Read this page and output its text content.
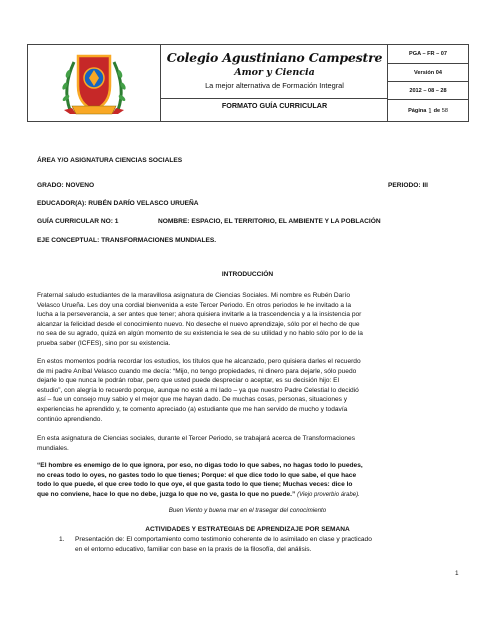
Colegio Agustiniano Campestre
Amor y Ciencia
La mejor alternativa de Formación Integral
FORMATO GUÍA CURRICULAR
PGA – FR – 07
Versión 04
2012 – 08 – 28
Página
1
de
58
ÁREA Y/O ASIGNATURA CIENCIAS SOCIALES
GRADO: NOVENO	PERIODO: III
EDUCADOR(A): RUBÉN DARÍO VELASCO URUEÑA
GUÍA CURRICULAR NO: 1	NOMBRE: ESPACIO, EL TERRITORIO, EL AMBIENTE Y LA POBLACIÓN
EJE CONCEPTUAL: TRANSFORMACIONES MUNDIALES.
INTRODUCCIÓN
Fraternal saludo estudiantes de la maravillosa asignatura de Ciencias Sociales. Mi nombre es Rubén Darío
Velasco Urueña. Les doy una cordial bienvenida a este Tercer Periodo. En otros periodos le he invitado a la
lucha a la perseverancia, a ser antes que tener; ahora quisiera invitarle a la trascendencia y a la insistencia por
alcanzar la felicidad desde el conocimiento nuevo. No deseche el nuevo aprendizaje, sólo por el hecho de que
no sea de su agrado, quizá en algún momento de su existencia le sea de su utilidad y no hablo sólo por lo de la
prueba saber (ICFES), sino por su existencia.
En estos momentos podría recordar los estudios, los títulos que he alcanzado, pero quisiera darles el recuerdo
de mi padre Aníbal Velasco cuando me decía: “Mijo, no tengo propiedades, ni dinero para dejarle, sólo puedo
dejarle lo que nunca le podrán robar, pero que usted puede despreciar o aceptar, es su decisión hijo: El
estudio”, con alegría lo recuerdo porque, aunque no esté a mi lado – ya que nuestro Padre Celestial lo decidió
así – fue un consejo muy sabio y el mejor que me hayan dado. De muchas cosas, personas, situaciones y
experiencias he aprendido y, te comento apreciado (a) estudiante que me han servido de mucho y todavía
continúo aprendiendo.
En esta asignatura de Ciencias sociales, durante el Tercer Periodo, se trabajará acerca de Transformaciones
mundiales.
“El hombre es enemigo de lo que ignora, por eso, no digas todo lo que sabes, no hagas todo lo puedes,
no creas todo lo oyes, no gastes todo lo que tienes; Porque: el que dice todo lo que sabe, el que hace
todo lo que puede, el que cree todo lo que oye, el que gasta todo lo que tiene; Muchas veces: dice lo
que no conviene, hace lo que no debe, juzga lo que no ve, gasta lo que no puede.” (Viejo proverbio árabe).
Buen Viento y buena mar en el trasegar del conocimiento
ACTIVIDADES Y ESTRATEGIAS DE APRENDIZAJE POR SEMANA
1. Presentación de: El comportamiento como testimonio coherente de lo asimilado en clase y practicado
en el entorno educativo, familiar con base en la praxis de la filosofía, del análisis.
1
